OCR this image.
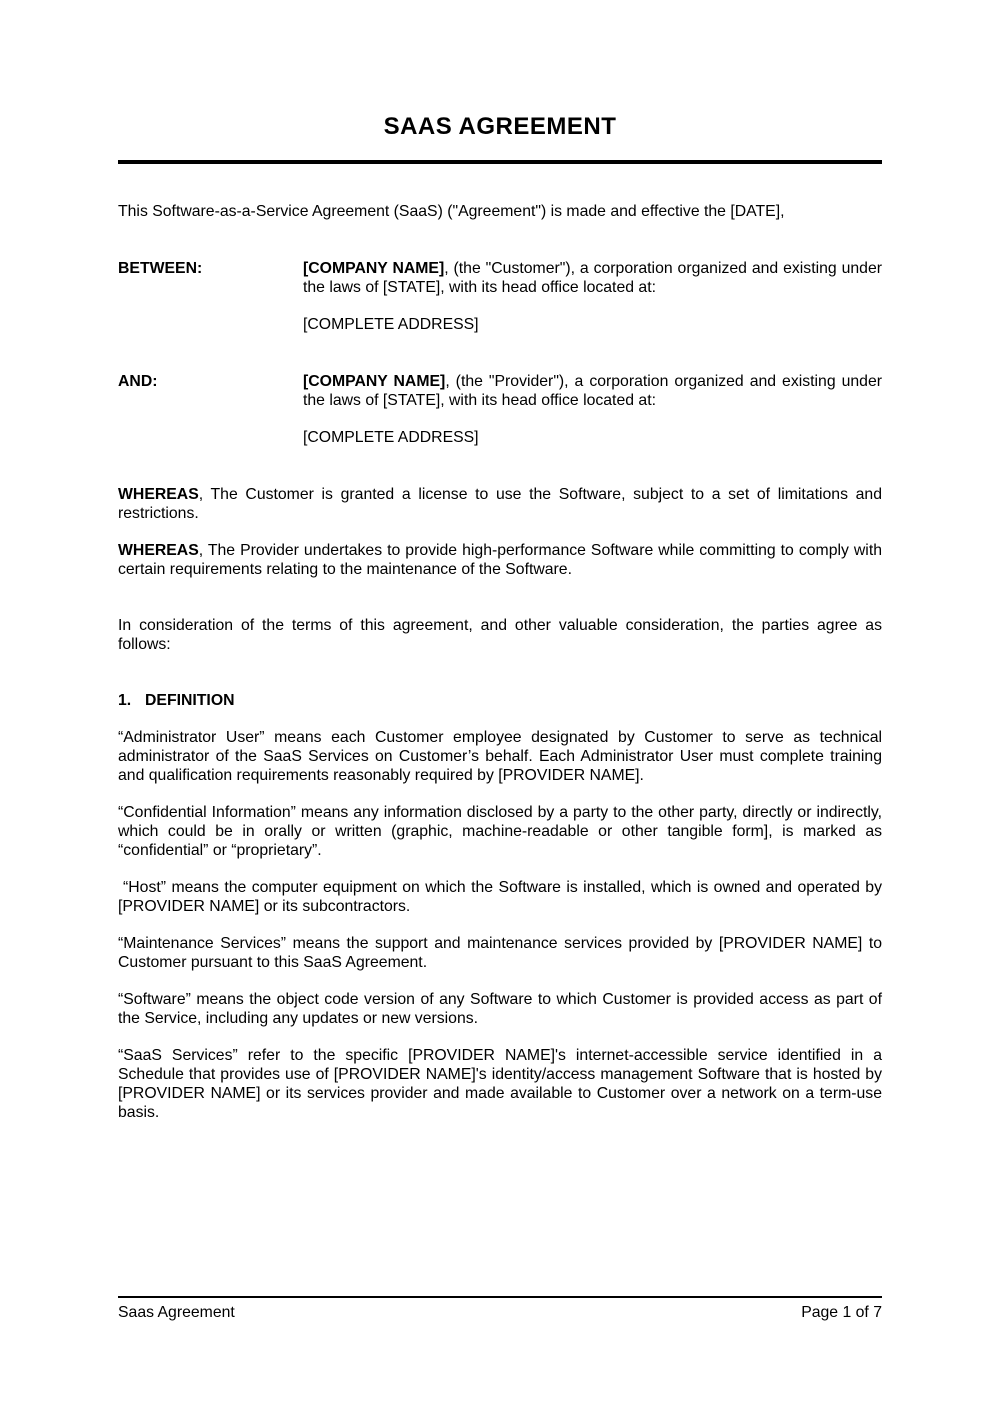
SAAS AGREEMENT

This Software-as-a-Service Agreement (SaaS) ("Agreement") is made and effective the [DATE],

BETWEEN:	[COMPANY NAME], (the "Customer"), a corporation organized and existing under the laws of [STATE], with its head office located at:
[COMPLETE ADDRESS]
AND:	[COMPANY NAME], (the "Provider"), a corporation organized and existing under the laws of [STATE], with its head office located at:
[COMPLETE ADDRESS]

WHEREAS, The Customer is granted a license to use the Software, subject to a set of limitations and restrictions.

WHEREAS, The Provider undertakes to provide high-performance Software while committing to comply with certain requirements relating to the maintenance of the Software.

In consideration of the terms of this agreement, and other valuable consideration, the parties agree as follows:

1. DEFINITION

“Administrator User” means each Customer employee designated by Customer to serve as technical administrator of the SaaS Services on Customer’s behalf. Each Administrator User must complete training and qualification requirements reasonably required by [PROVIDER NAME].

“Confidential Information” means any information disclosed by a party to the other party, directly or indirectly, which could be in orally or written (graphic, machine-readable or other tangible form], is marked as “confidential” or “proprietary”.

“Host” means the computer equipment on which the Software is installed, which is owned and operated by [PROVIDER NAME] or its subcontractors.

“Maintenance Services” means the support and maintenance services provided by [PROVIDER NAME] to Customer pursuant to this SaaS Agreement.

“Software” means the object code version of any Software to which Customer is provided access as part of the Service, including any updates or new versions.

“SaaS Services” refer to the specific [PROVIDER NAME]'s internet-accessible service identified in a Schedule that provides use of [PROVIDER NAME]'s identity/access management Software that is hosted by [PROVIDER NAME] or its services provider and made available to Customer over a network on a term-use basis.

Saas Agreement	Page 1 of 7
